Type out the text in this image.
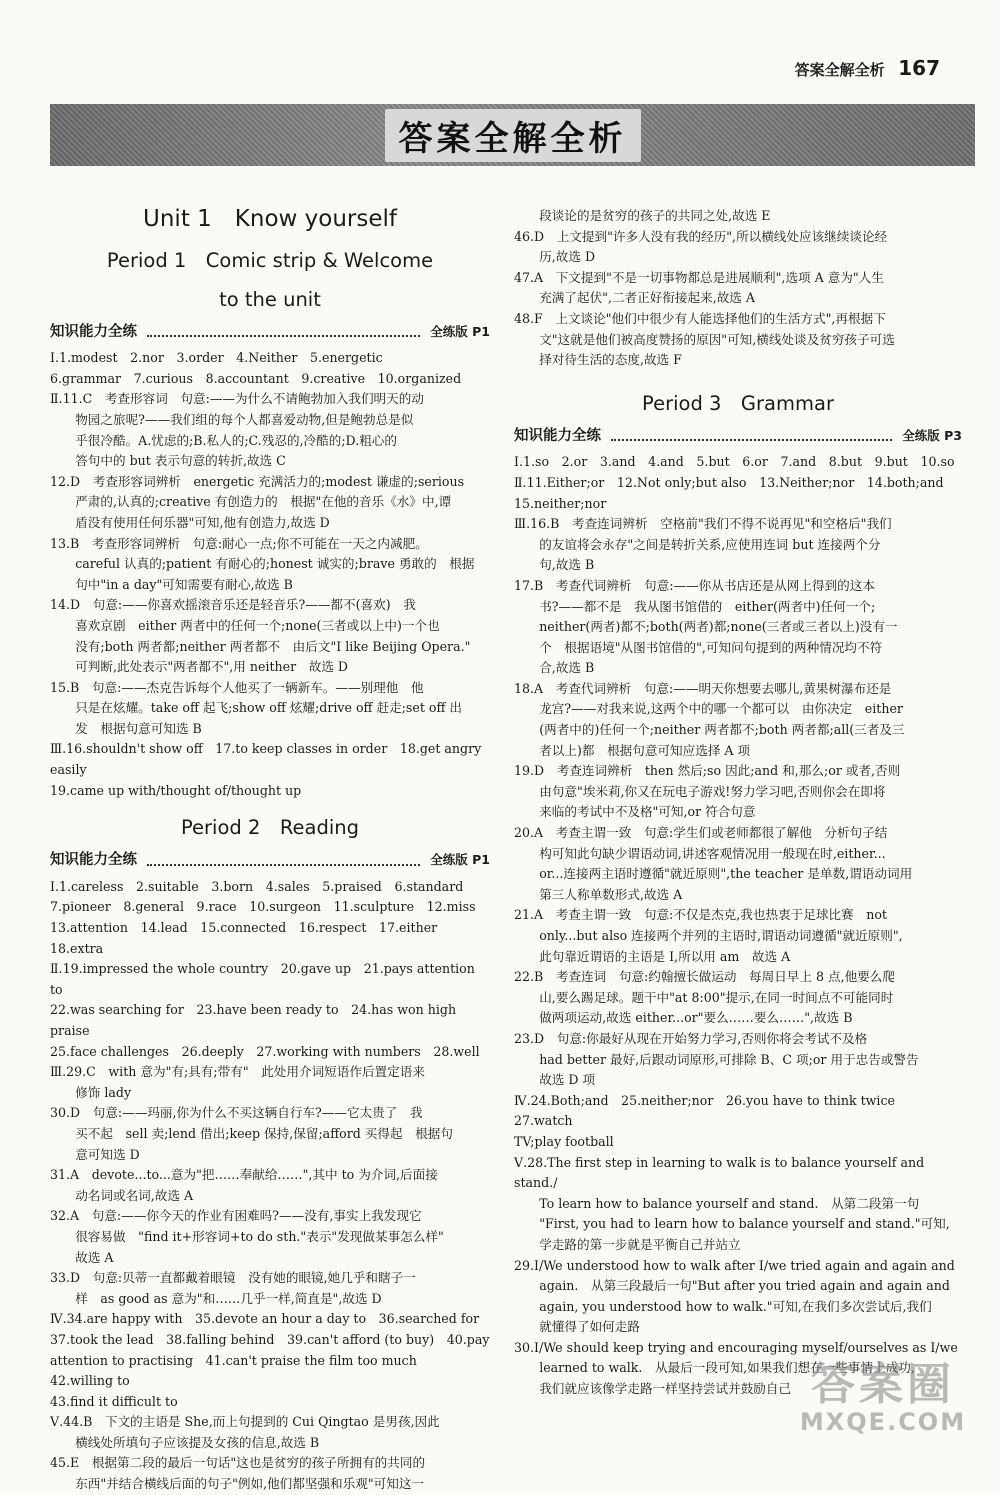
答案全解全析 167
答案全解全析
Unit 1　Know yourself
Period 1　Comic strip & Welcome
to the unit
知识能力全练	全练版 P1

Ⅰ.1.modest　2.nor　3.order　4.Neither　5.energetic

6.grammar　7.curious　8.accountant　9.creative　10.organized

Ⅱ.11.C　考查形容词　句意:——为什么不请鲍勃加入我们明天的动

　　物园之旅呢?——我们组的每个人都喜爱动物,但是鲍勃总是似

　　乎很冷酷。A.忧虑的;B.私人的;C.残忍的,冷酷的;D.粗心的

　　答句中的 but 表示句意的转折,故选 C

12.D　考查形容词辨析　energetic 充满活力的;modest 谦虚的;serious

　　严肃的,认真的;creative 有创造力的　根据"在他的音乐《水》中,谭

　　盾没有使用任何乐器"可知,他有创造力,故选 D

13.B　考查形容词辨析　句意:耐心一点;你不可能在一天之内减肥。

　　careful 认真的;patient 有耐心的;honest 诚实的;brave 勇敢的　根据

　　句中"in a day"可知需要有耐心,故选 B

14.D　句意:——你喜欢摇滚音乐还是轻音乐?——都不(喜欢)　我

　　喜欢京剧　either 两者中的任何一个;none(三者或以上中)一个也

　　没有;both 两者都;neither 两者都不　由后文"I like Beijing Opera."

　　可判断,此处表示"两者都不",用 neither　故选 D

15.B　句意:——杰克告诉每个人他买了一辆新车。——别理他　他

　　只是在炫耀。take off 起飞;show off 炫耀;drive off 赶走;set off 出

　　发　根据句意可知选 B

Ⅲ.16.shouldn't show off　17.to keep classes in order　18.get angry easily

19.came up with/thought of/thought up

Period 2　Reading
知识能力全练	全练版 P1

Ⅰ.1.careless　2.suitable　3.born　4.sales　5.praised　6.standard

7.pioneer　8.general　9.race　10.surgeon　11.sculpture　12.miss

13.attention　14.lead　15.connected　16.respect　17.either　18.extra

Ⅱ.19.impressed the whole country　20.gave up　21.pays attention to

22.was searching for　23.have been ready to　24.has won high praise

25.face challenges　26.deeply　27.working with numbers　28.well

Ⅲ.29.C　with 意为"有;具有;带有"　此处用介词短语作后置定语来

　　修饰 lady

30.D　句意:——玛丽,你为什么不买这辆自行车?——它太贵了　我

　　买不起　sell 卖;lend 借出;keep 保持,保留;afford 买得起　根据句

　　意可知选 D

31.A　devote...to...意为"把……奉献给……",其中 to 为介词,后面接

　　动名词或名词,故选 A

32.A　句意:——你今天的作业有困难吗?——没有,事实上我发现它

　　很容易做　"find it+形容词+to do sth."表示"发现做某事怎么样"

　　故选 A

33.D　句意:贝蒂一直都戴着眼镜　没有她的眼镜,她几乎和瞎子一

　　样　as good as 意为"和……几乎一样,简直是",故选 D

Ⅳ.34.are happy with　35.devote an hour a day to　36.searched for

37.took the lead　38.falling behind　39.can't afford (to buy)　40.pay

attention to practising　41.can't praise the film too much　42.willing to

43.find it difficult to

Ⅴ.44.B　下文的主语是 She,而上句提到的 Cui Qingtao 是男孩,因此

　　横线处所填句子应该提及女孩的信息,故选 B

45.E　根据第二段的最后一句话"这也是贫穷的孩子所拥有的共同的

　　东西"并结合横线后面的句子"例如,他们都坚强和乐观"可知这一

　　段谈论的是贫穷的孩子的共同之处,故选 E

46.D　上文提到"许多人没有我的经历",所以横线处应该继续谈论经

　　历,故选 D

47.A　下文提到"不是一切事物都总是进展顺利",选项 A 意为"人生

　　充满了起伏",二者正好衔接起来,故选 A

48.F　上文谈论"他们中很少有人能选择他们的生活方式",再根据下

　　文"这就是他们被高度赞扬的原因"可知,横线处谈及贫穷孩子可选

　　择对待生活的态度,故选 F

Period 3　Grammar
知识能力全练	全练版 P3

Ⅰ.1.so　2.or　3.and　4.and　5.but　6.or　7.and　8.but　9.but　10.so

Ⅱ.11.Either;or　12.Not only;but also　13.Neither;nor　14.both;and

15.neither;nor

Ⅲ.16.B　考查连词辨析　空格前"我们不得不说再见"和空格后"我们

　　的友谊将会永存"之间是转折关系,应使用连词 but 连接两个分

　　句,故选 B

17.B　考查代词辨析　句意:——你从书店还是从网上得到的这本

　　书?——都不是　我从图书馆借的　either(两者中)任何一个;

　　neither(两者)都不;both(两者)都;none(三者或三者以上)没有一

　　个　根据语境"从图书馆借的",可知问句提到的两种情况均不符

　　合,故选 B

18.A　考查代词辨析　句意:——明天你想要去哪儿,黄果树瀑布还是

　　龙宫?——对我来说,这两个中的哪一个都可以　由你决定　either

　　(两者中的)任何一个;neither 两者都不;both 两者都;all(三者及三

　　者以上)都　根据句意可知应选择 A 项

19.D　考查连词辨析　then 然后;so 因此;and 和,那么;or 或者,否则

　　由句意"埃米莉,你又在玩电子游戏!努力学习吧,否则你会在即将

　　来临的考试中不及格"可知,or 符合句意

20.A　考查主谓一致　句意:学生们或老师都很了解他　分析句子结

　　构可知此句缺少谓语动词,讲述客观情况用一般现在时,either...

　　or...连接两主语时遵循"就近原则",the teacher 是单数,谓语动词用

　　第三人称单数形式,故选 A

21.A　考查主谓一致　句意:不仅是杰克,我也热衷于足球比赛　not

　　only...but also 连接两个并列的主语时,谓语动词遵循"就近原则",

　　此句靠近谓语的主语是 I,所以用 am　故选 A

22.B　考查连词　句意:约翰擅长做运动　每周日早上 8 点,他要么爬

　　山,要么踢足球。题干中"at 8:00"提示,在同一时间点不可能同时

　　做两项运动,故选 either...or"要么……要么……",故选 B

23.D　句意:你最好从现在开始努力学习,否则你将会考试不及格

　　had better 最好,后跟动词原形,可排除 B、C 项;or 用于忠告或警告

　　故选 D 项

Ⅳ.24.Both;and　25.neither;nor　26.you have to think twice　27.watch

TV;play football

Ⅴ.28.The first step in learning to walk is to balance yourself and stand./

　　To learn how to balance yourself and stand.　从第二段第一句

　　"First, you had to learn how to balance yourself and stand."可知,

　　学走路的第一步就是平衡自己并站立

29.I/We understood how to walk after I/we tried again and again and

　　again.　从第三段最后一句"But after you tried again and again and

　　again, you understood how to walk."可知,在我们多次尝试后,我们

　　就懂得了如何走路

30.I/We should keep trying and encouraging myself/ourselves as I/we

　　learned to walk.　从最后一段可知,如果我们想在一些事情上成功,

　　我们就应该像学走路一样坚持尝试并鼓励自己 答案圈
MXQE.COM
